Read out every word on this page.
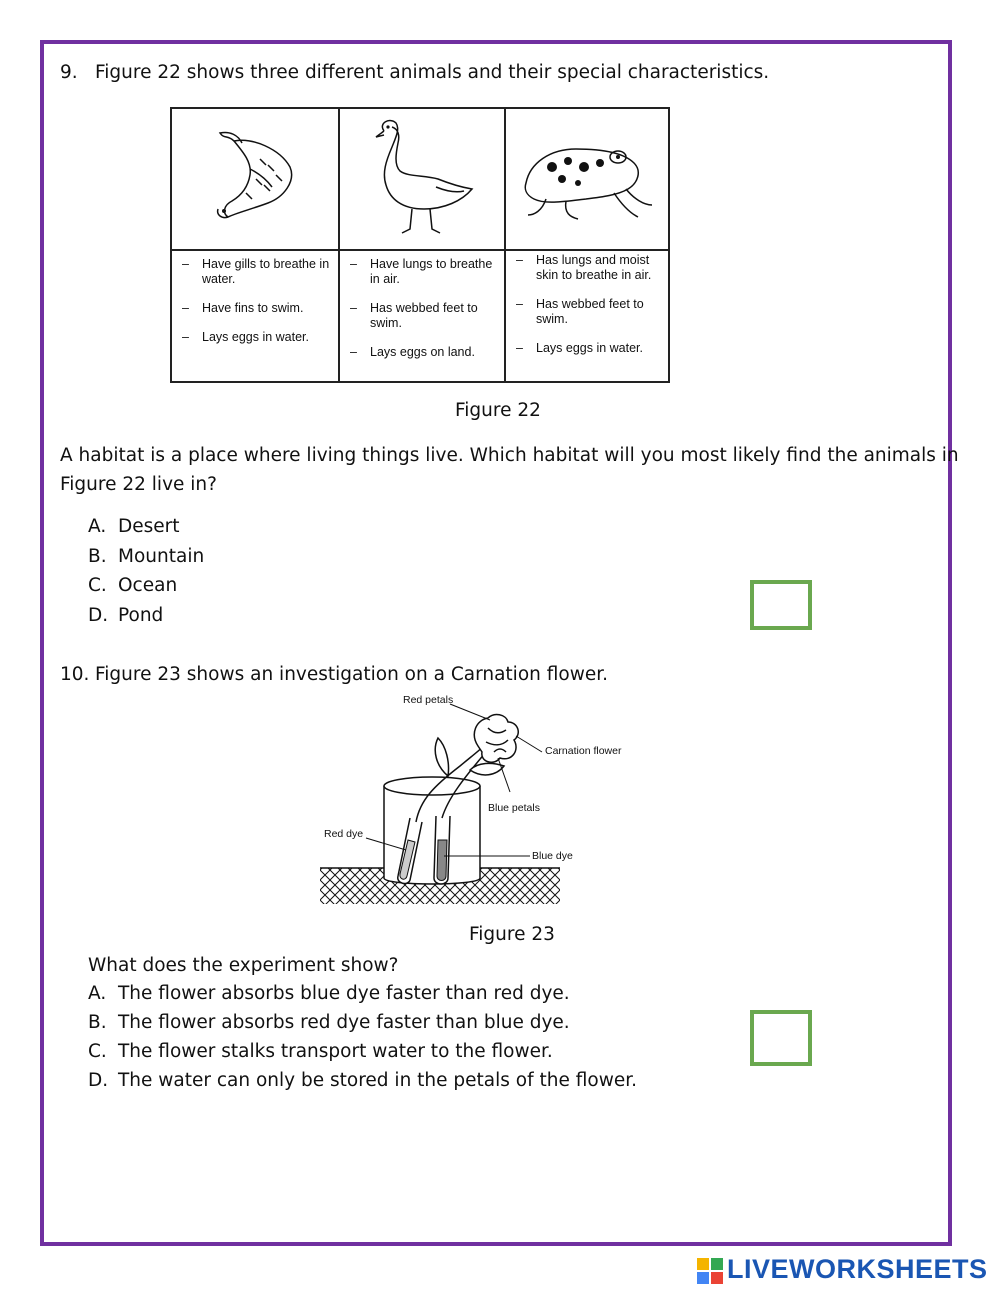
9. Figure 22 shows three different animals and their special characteristics.
– Have gills to breathe in water.
– Have fins to swim.
– Lays eggs in water.
– Have lungs to breathe in air.
– Has webbed feet to swim.
– Lays eggs on land.
– Has lungs and moist skin to breathe in air.
– Has webbed feet to swim.
– Lays eggs in water.
Figure 22
A habitat is a place where living things live. Which habitat will you most likely find the animals in
Figure 22 live in?
A. Desert
B. Mountain
C. Ocean
D. Pond
10. Figure 23 shows an investigation on a Carnation flower.
Red petals
Carnation flower
Blue petals
Red dye
Blue dye
Figure 23
What does the experiment show?
A. The flower absorbs blue dye faster than red dye.
B. The flower absorbs red dye faster than blue dye.
C. The flower stalks transport water to the flower.
D. The water can only be stored in the petals of the flower.
LIVEWORKSHEETS
